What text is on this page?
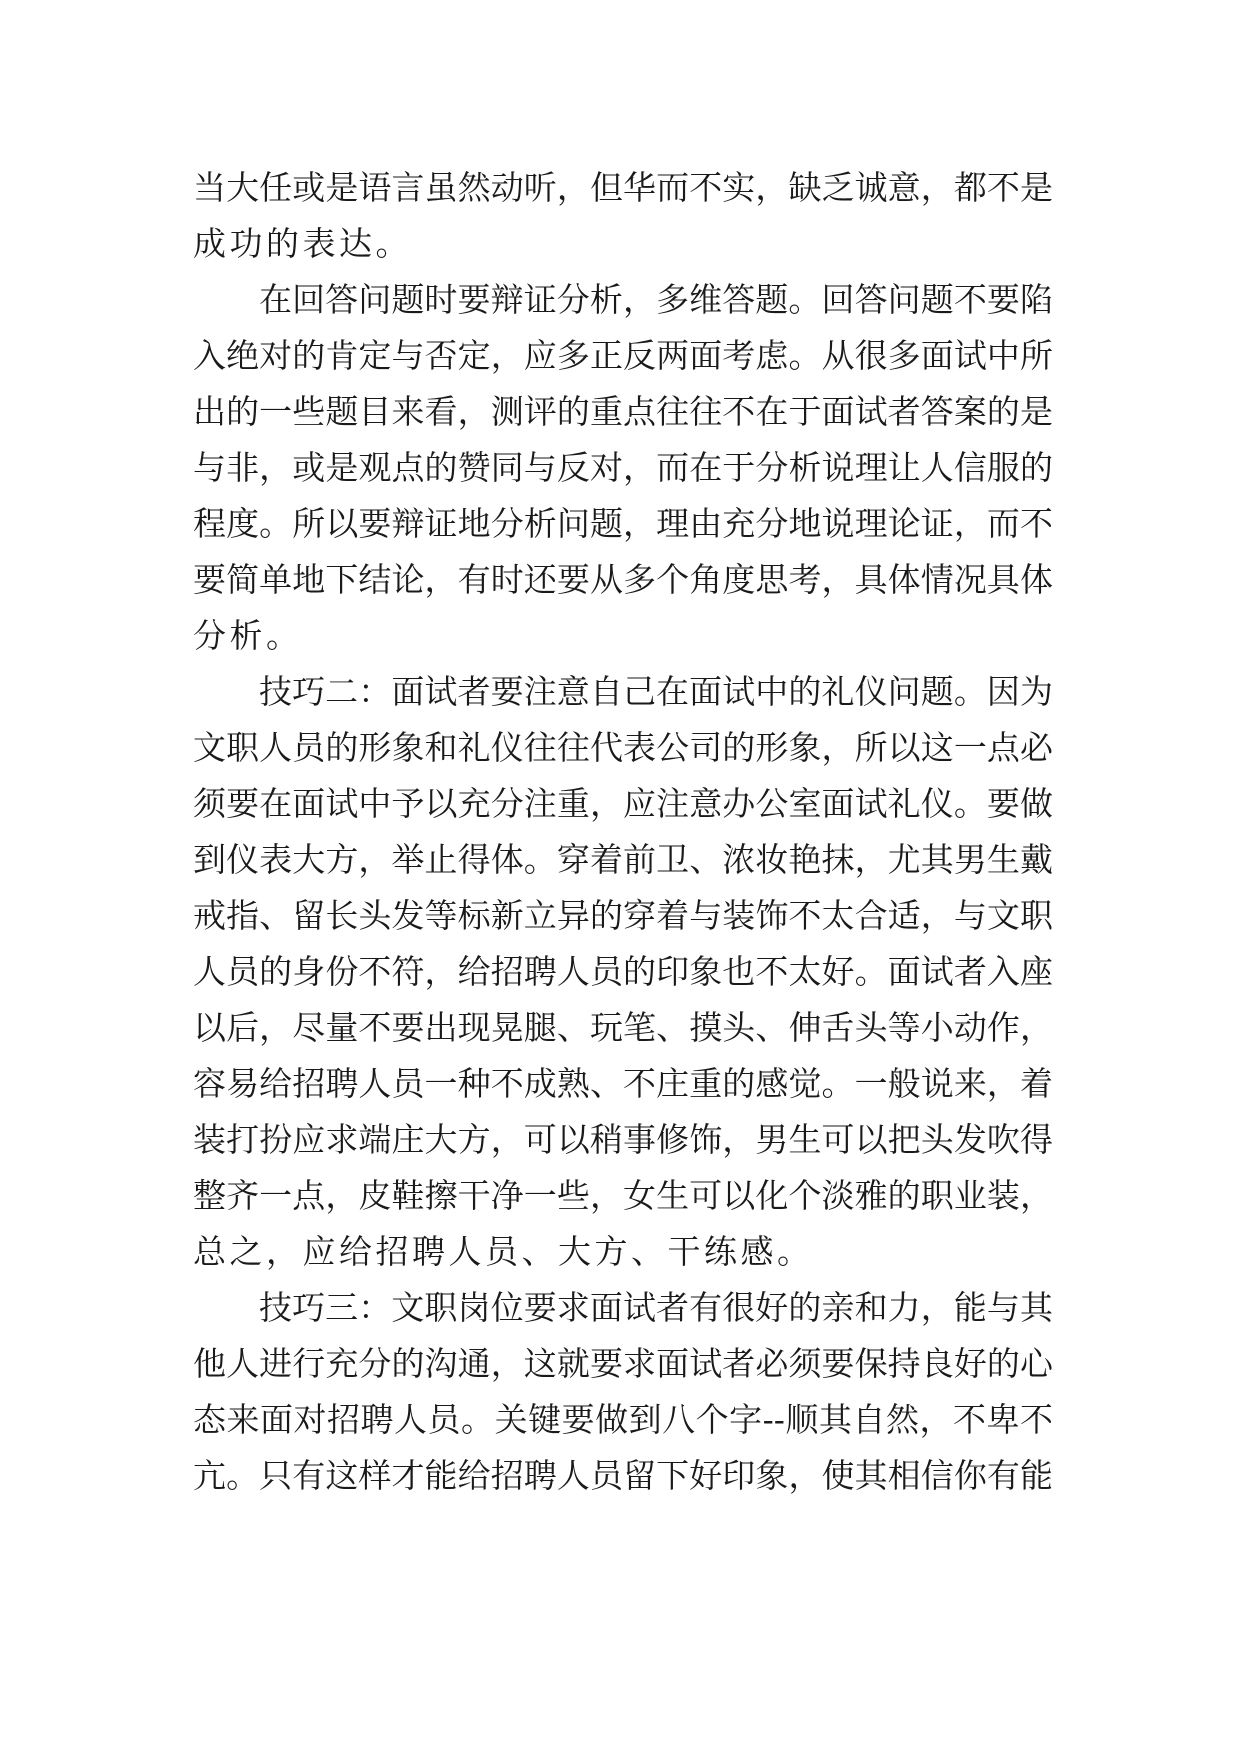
当大任或是语言虽然动听，但华而不实，缺乏诚意，都不是
成功的表达。
在回答问题时要辩证分析，多维答题。回答问题不要陷
入绝对的肯定与否定，应多正反两面考虑。从很多面试中所
出的一些题目来看，测评的重点往往不在于面试者答案的是
与非，或是观点的赞同与反对，而在于分析说理让人信服的
程度。所以要辩证地分析问题，理由充分地说理论证，而不
要简单地下结论，有时还要从多个角度思考，具体情况具体
分析。
技巧二：面试者要注意自己在面试中的礼仪问题。因为
文职人员的形象和礼仪往往代表公司的形象，所以这一点必
须要在面试中予以充分注重，应注意办公室面试礼仪。要做
到仪表大方，举止得体。穿着前卫、浓妆艳抹，尤其男生戴
戒指、留长头发等标新立异的穿着与装饰不太合适，与文职
人员的身份不符，给招聘人员的印象也不太好。面试者入座
以后，尽量不要出现晃腿、玩笔、摸头、伸舌头等小动作，
容易给招聘人员一种不成熟、不庄重的感觉。一般说来，着
装打扮应求端庄大方，可以稍事修饰，男生可以把头发吹得
整齐一点，皮鞋擦干净一些，女生可以化个淡雅的职业装，
总之，应给招聘人员、大方、干练感。
技巧三：文职岗位要求面试者有很好的亲和力，能与其
他人进行充分的沟通，这就要求面试者必须要保持良好的心
态来面对招聘人员。关键要做到八个字--顺其自然，不卑不
亢。只有这样才能给招聘人员留下好印象，使其相信你有能
